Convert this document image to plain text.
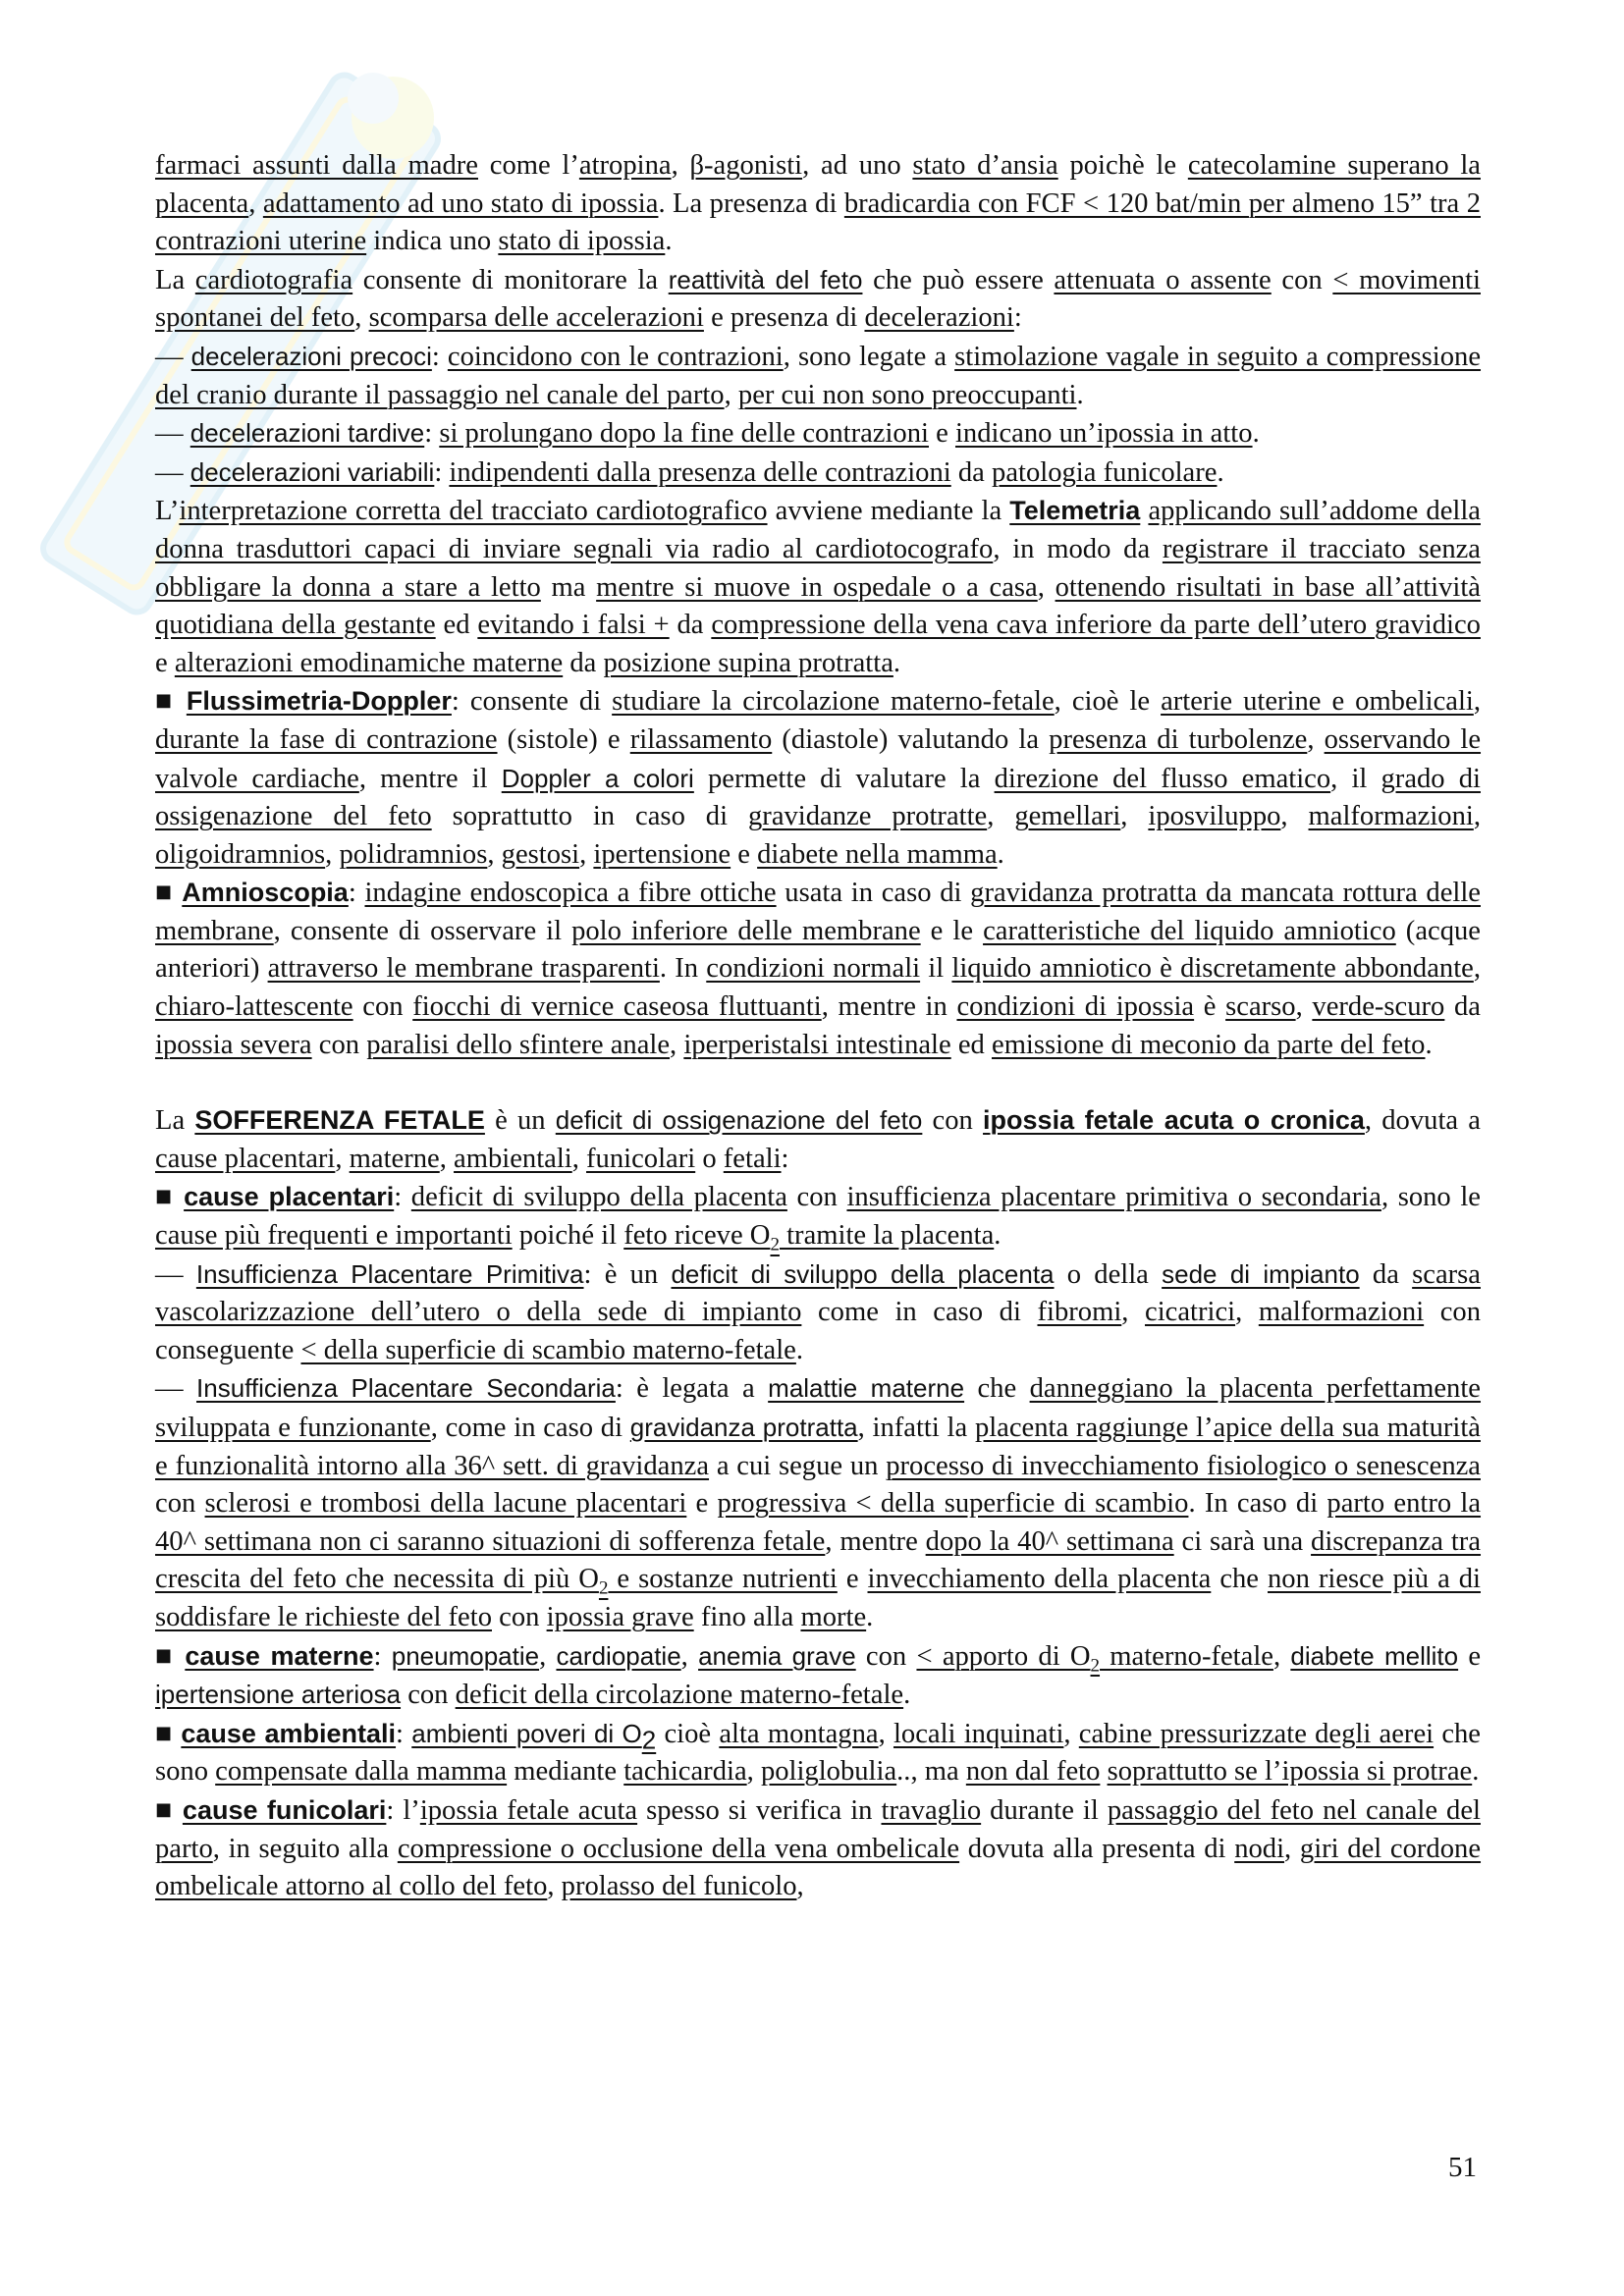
farmaci assunti dalla madre come l’atropina, β-agonisti, ad uno stato d’ansia poichè le catecolamine superano la placenta, adattamento ad uno stato di ipossia. La presenza di bradicardia con FCF < 120 bat/min per almeno 15” tra 2 contrazioni uterine indica uno stato di ipossia.

La cardiotografia consente di monitorare la reattività del feto che può essere attenuata o assente con < movimenti spontanei del feto, scomparsa delle accelerazioni e presenza di decelerazioni:

— decelerazioni precoci: coincidono con le contrazioni, sono legate a stimolazione vagale in seguito a compressione del cranio durante il passaggio nel canale del parto, per cui non sono preoccupanti.

— decelerazioni tardive: si prolungano dopo la fine delle contrazioni e indicano un’ipossia in atto.

— decelerazioni variabili: indipendenti dalla presenza delle contrazioni da patologia funicolare.

L’interpretazione corretta del tracciato cardiotografico avviene mediante la Telemetria applicando sull’addome della donna trasduttori capaci di inviare segnali via radio al cardiotocografo, in modo da registrare il tracciato senza obbligare la donna a stare a letto ma mentre si muove in ospedale o a casa, ottenendo risultati in base all’attività quotidiana della gestante ed evitando i falsi + da compressione della vena cava inferiore da parte dell’utero gravidico e alterazioni emodinamiche materne da posizione supina protratta.

■ Flussimetria-Doppler: consente di studiare la circolazione materno-fetale, cioè le arterie uterine e ombelicali, durante la fase di contrazione (sistole) e rilassamento (diastole) valutando la presenza di turbolenze, osservando le valvole cardiache, mentre il Doppler a colori permette di valutare la direzione del flusso ematico, il grado di ossigenazione del feto soprattutto in caso di gravidanze protratte, gemellari, iposviluppo, malformazioni, oligoidramnios, polidramnios, gestosi, ipertensione e diabete nella mamma.

■ Amnioscopia: indagine endoscopica a fibre ottiche usata in caso di gravidanza protratta da mancata rottura delle membrane, consente di osservare il polo inferiore delle membrane e le caratteristiche del liquido amniotico (acque anteriori) attraverso le membrane trasparenti. In condizioni normali il liquido amniotico è discretamente abbondante, chiaro-lattescente con fiocchi di vernice caseosa fluttuanti, mentre in condizioni di ipossia è scarso, verde-scuro da ipossia severa con paralisi dello sfintere anale, iperperistalsi intestinale ed emissione di meconio da parte del feto.

La SOFFERENZA FETALE è un deficit di ossigenazione del feto con ipossia fetale acuta o cronica, dovuta a cause placentari, materne, ambientali, funicolari o fetali:

■ cause placentari: deficit di sviluppo della placenta con insufficienza placentare primitiva o secondaria, sono le cause più frequenti e importanti poiché il feto riceve $O_2$ tramite la placenta.

— Insufficienza Placentare Primitiva: è un deficit di sviluppo della placenta o della sede di impianto da scarsa vascolarizzazione dell’utero o della sede di impianto come in caso di fibromi, cicatrici, malformazioni con conseguente < della superficie di scambio materno-fetale.

— Insufficienza Placentare Secondaria: è legata a malattie materne che danneggiano la placenta perfettamente sviluppata e funzionante, come in caso di gravidanza protratta, infatti la placenta raggiunge l’apice della sua maturità e funzionalità intorno alla 36^ sett. di gravidanza a cui segue un processo di invecchiamento fisiologico o senescenza con sclerosi e trombosi della lacune placentari e progressiva < della superficie di scambio. In caso di parto entro la 40^ settimana non ci saranno situazioni di sofferenza fetale, mentre dopo la 40^ settimana ci sarà una discrepanza tra crescita del feto che necessita di più $O_2$ e sostanze nutrienti e invecchiamento della placenta che non riesce più a di soddisfare le richieste del feto con ipossia grave fino alla morte.

■ cause materne: pneumopatie, cardiopatie, anemia grave con < apporto di $O_2$ materno-fetale, diabete mellito e ipertensione arteriosa con deficit della circolazione materno-fetale.

■ cause ambientali: ambienti poveri di $O_2$ cioè alta montagna, locali inquinati, cabine pressurizzate degli aerei che sono compensate dalla mamma mediante tachicardia, poliglobulia.., ma non dal feto soprattutto se l’ipossia si protrae.

■ cause funicolari: l’ipossia fetale acuta spesso si verifica in travaglio durante il passaggio del feto nel canale del parto, in seguito alla compressione o occlusione della vena ombelicale dovuta alla presenta di nodi, giri del cordone ombelicale attorno al collo del feto, prolasso del funicolo,

51
